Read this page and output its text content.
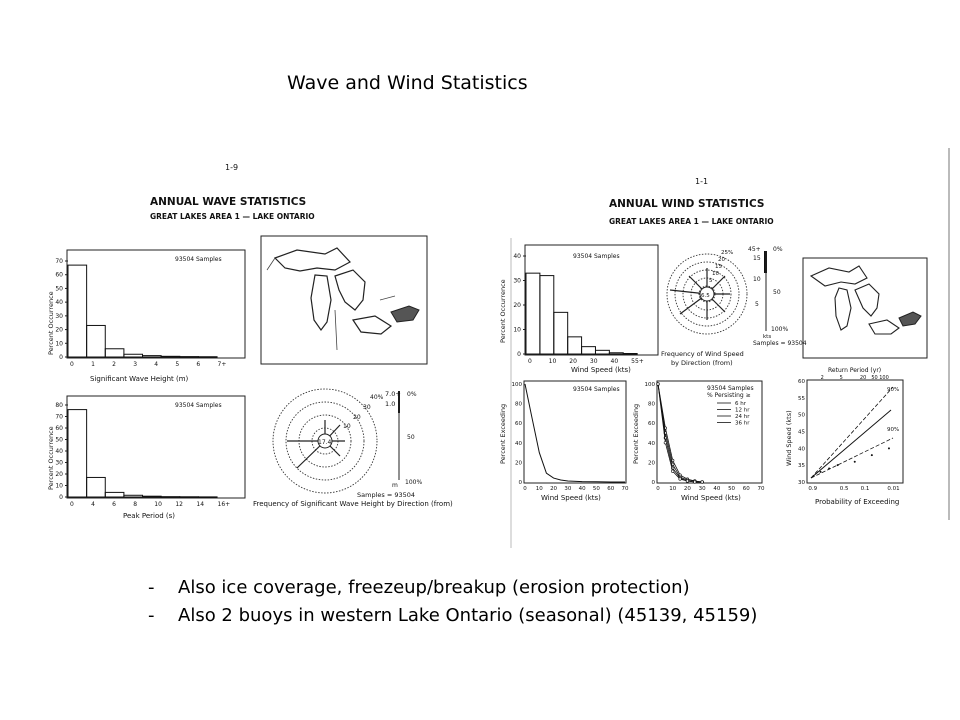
Wave and Wind Statistics
1-9
ANNUAL WAVE STATISTICS
GREAT LAKES AREA 1 — LAKE ONTARIO
93504 Samples
0
10
20
30
40
50
60
70
0	1	2	3	4	5	6	7+
Significant Wave Height (m)
Percent Occurrence
93504 Samples
0
10
20
30
40
50
60
70
80
0	4	6	8	10 12 14 16+
Peak Period (s)
Percent Occurrence	17.4
40%
30
20
10
7.0+
1.0
m
0%
50
100%
Samples = 93504
Frequency of Significant Wave Height by Direction (from)
1-1
ANNUAL WIND STATISTICS
GREAT LAKES AREA 1 — LAKE ONTARIO
93504 Samples
0
10
20
30
40
0	10 20 30 40 55+
Wind Speed (kts)
Percent Occurrence	6.5
25%
20
15
10
5
45+
15
10
5
kts
0%
50
100%
Samples = 93504
Frequency of Wind Speed
by Direction (from)
93504 Samples
0
20
40
60
80
100
0 10 20 30 40 50 60 70
Wind Speed (kts)
Percent Exceeding
93504 Samples
% Persisting ≥
6 hr
12 hr
24 hr
36 hr
0
20
40
60
80
100
0 10 20 30 40 50 60 70
Wind Speed (kts)
Percent Exceeding
Return Period (yr)
2	5	20 50 100
30
35
40
45
50
55
60
0.9	0.5 0.1	0.01
90%
90%
Probability of Exceeding
Wind Speed (kts)
-	Also ice coverage, freezeup/breakup (erosion protection)
-	Also 2 buoys in western Lake Ontario (seasonal) (45139, 45159)
